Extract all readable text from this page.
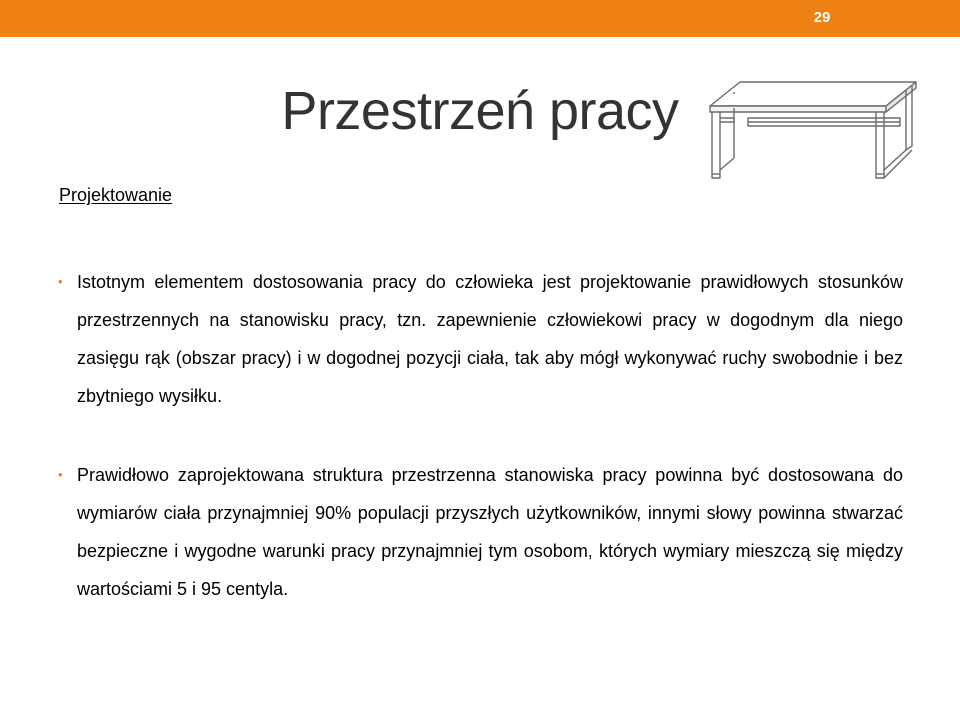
29
Przestrzeń pracy
Projektowanie
• Istotnym elementem dostosowania pracy do człowieka jest projektowanie prawidłowych stosunków przestrzennych na stanowisku pracy, tzn. zapewnienie człowiekowi pracy w dogodnym dla niego zasięgu rąk (obszar pracy) i w dogodnej pozycji ciała, tak aby mógł wykonywać ruchy swobodnie i bez zbytniego wysiłku.
• Prawidłowo zaprojektowana struktura przestrzenna stanowiska pracy powinna być dostosowana do wymiarów ciała przynajmniej 90% populacji przyszłych użytkowników, innymi słowy powinna stwarzać bezpieczne i wygodne warunki pracy przynajmniej tym osobom, których wymiary mieszczą się między wartościami 5 i 95 centyla.
